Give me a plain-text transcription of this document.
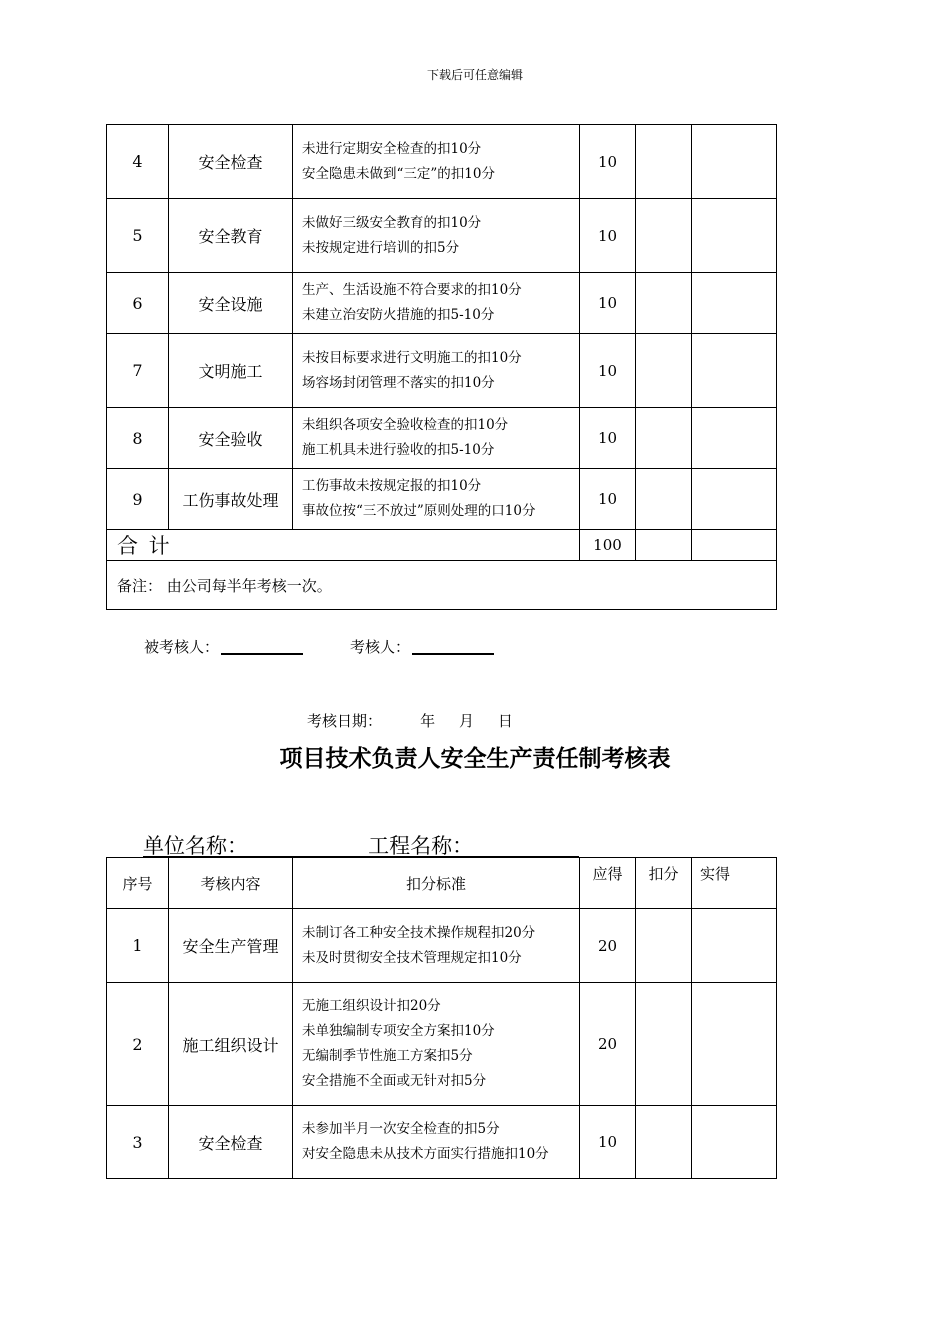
下载后可任意编辑
4	安全检查	未进行定期安全检查的扣10分
安全隐患未做到“三定”的扣10分	10		
5	安全教育	未做好三级安全教育的扣10分
未按规定进行培训的扣5分	10		
6	安全设施	生产、生活设施不符合要求的扣10分
未建立治安防火措施的扣5-10分	10		
7	文明施工	未按目标要求进行文明施工的扣10分
场容场封闭管理不落实的扣10分	10		
8	安全验收	未组织各项安全验收检查的扣10分
施工机具未进行验收的扣5-10分	10		
9	工伤事故处理	工伤事故未按规定报的扣10分
事故位按“三不放过”原则处理的口10分	10		
合 计			100		
备注： 由公司每半年考核一次。					
被考核人：	考核人：
考核日期：        年     月     日
项目技术负责人安全生产责任制考核表
单位名称：                  工程名称：
序号	考核内容	扣分标准	应得	扣分	实得
1	安全生产管理	未制订各工种安全技术操作规程扣20分
未及时贯彻安全技术管理规定扣10分	20		
2	施工组织设计	无施工组织设计扣20分
未单独编制专项安全方案扣10分
无编制季节性施工方案扣5分
安全措施不全面或无针对扣5分	20		
3	安全检查	未参加半月一次安全检查的扣5分
对安全隐患未从技术方面实行措施扣10分	10		
